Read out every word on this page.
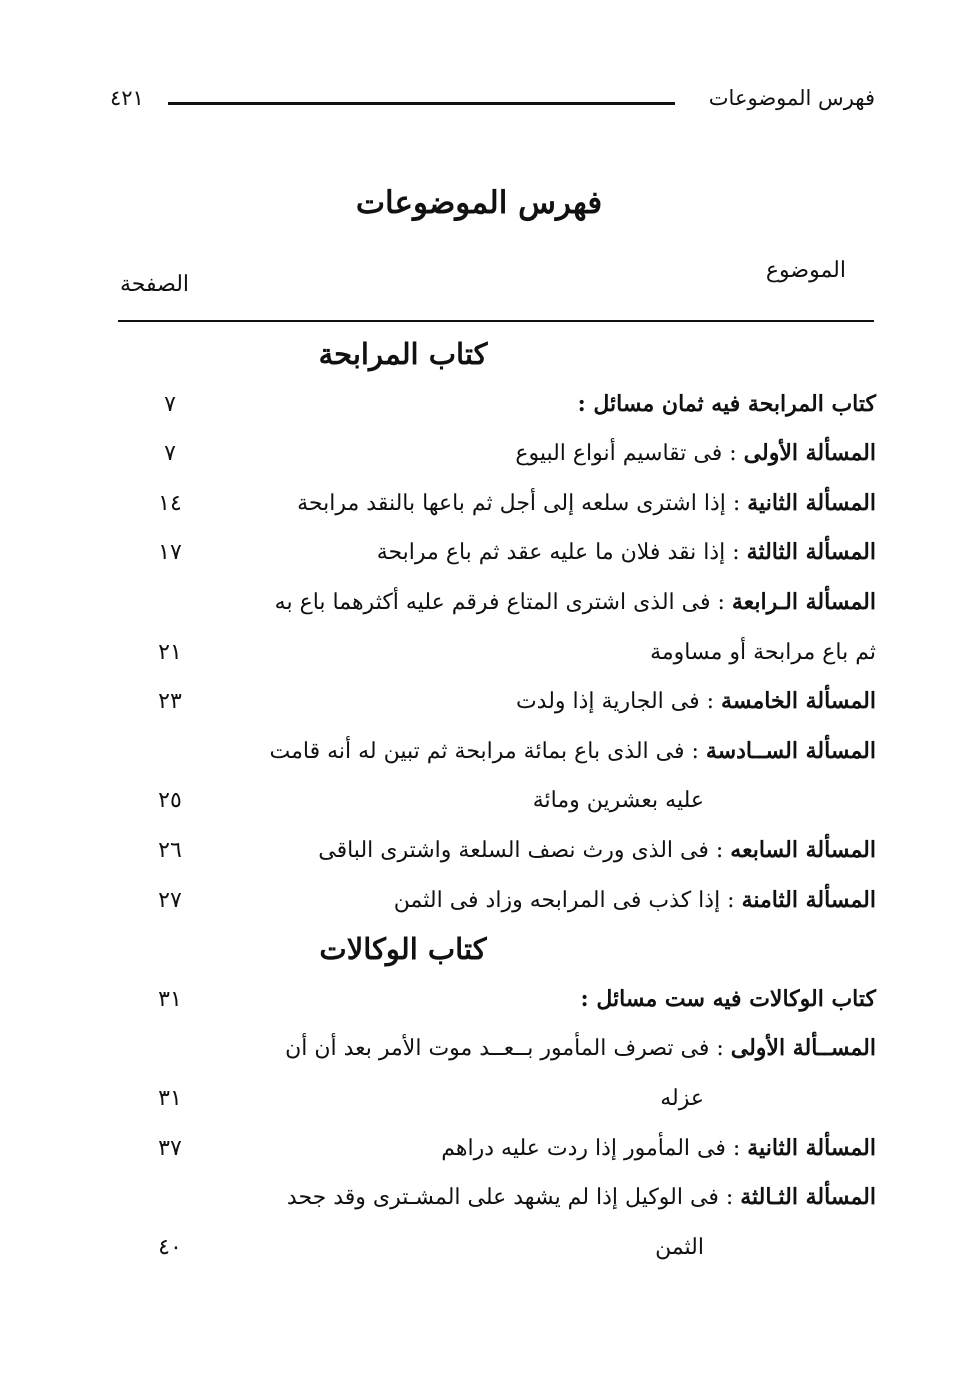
فهرس الموضوعات
٤٢١
فهرس الموضوعات
الموضوع
الصفحة
كتاب المرابحة
كتاب المرابحة فيه ثمان مسائل :
٧
المسألة الأولى : فى تقاسيم أنواع البيوع
٧
المسألة الثانية : إذا اشترى سلعه إلى أجل ثم باعها بالنقد مرابحة
١٤
المسألة الثالثة : إذا نقد فلان ما عليه عقد ثم باع مرابحة
١٧
المسألة الـرابعة : فى الذى اشترى المتاع فرقم عليه أكثرهما باع به
ثم باع مرابحة أو مساومة
٢١
المسألة الخامسة : فى الجارية إذا ولدت
٢٣
المسألة الســادسة : فى الذى باع بمائة مرابحة ثم تبين له أنه قامت
عليه بعشرين ومائة
٢٥
المسألة السابعه : فى الذى ورث نصف السلعة واشترى الباقى
٢٦
المسألة الثامنة : إذا كذب فى المرابحه وزاد فى الثمن
٢٧
كتاب الوكالات
كتاب الوكالات فيه ست مسائل :
٣١
المســألة الأولى : فى تصرف المأمور بــعــد موت الأمر بعد أن أن
عزله
٣١
المسألة الثانية : فى المأمور إذا ردت عليه دراهم
٣٧
المسألة الثـالثة : فى الوكيل إذا لم يشهد على المشـترى وقد جحد
الثمن
٤٠
